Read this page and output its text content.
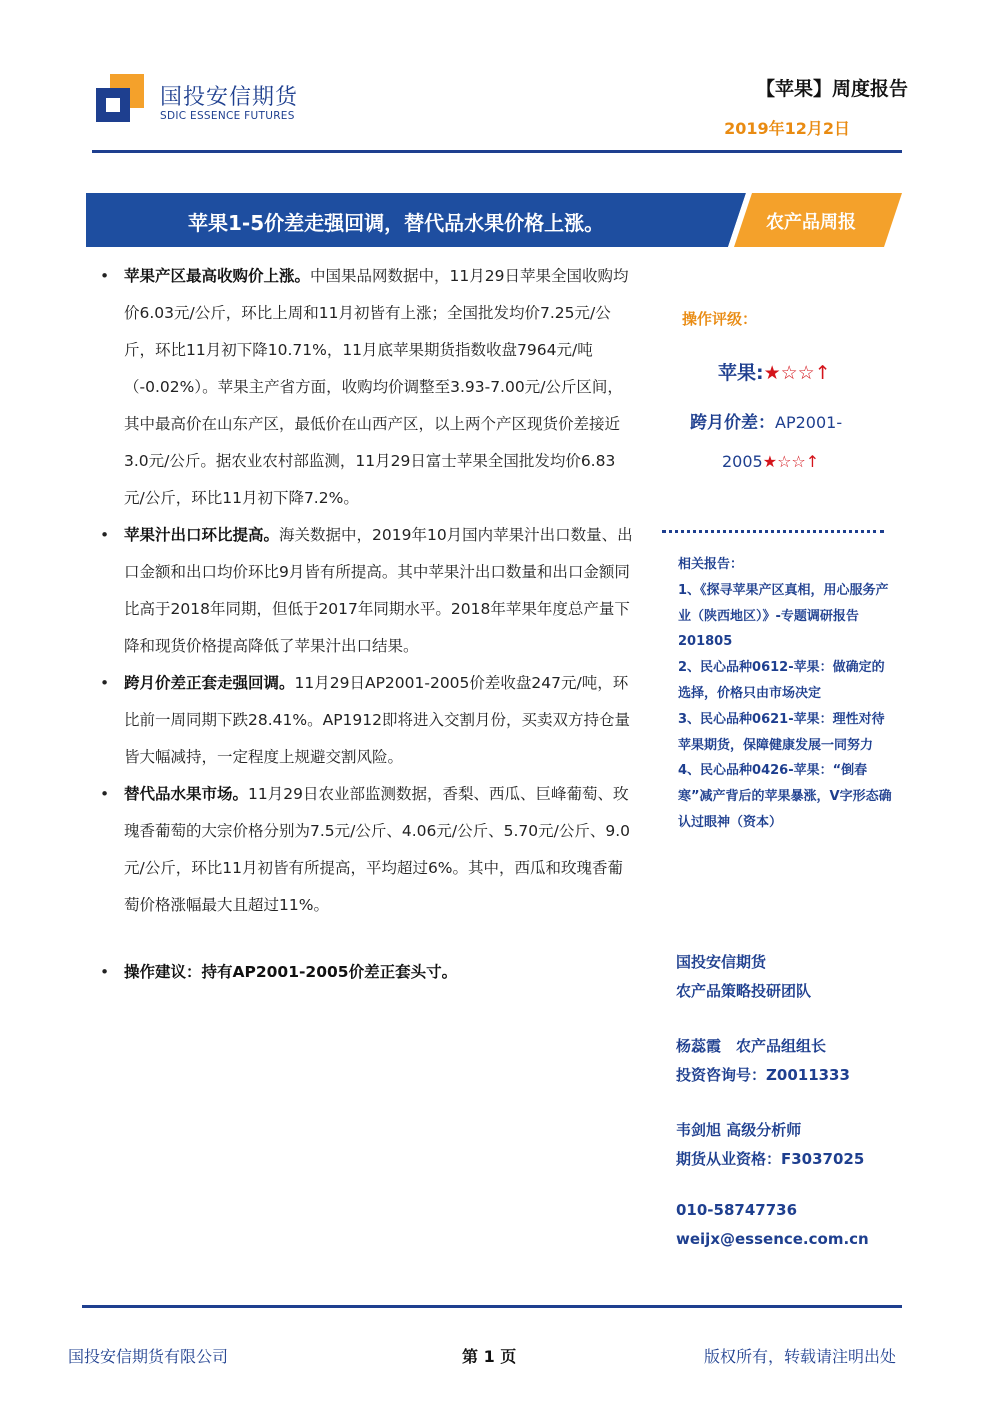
国投安信期货
SDIC ESSENCE FUTURES
【苹果】周度报告
2019年12月2日
苹果1-5价差走强回调，替代品水果价格上涨。	农产品周报
• 苹果产区最高收购价上涨。中国果品网数据中，11月29日苹果全国收购均价6.03元/公斤，环比上周和11月初皆有上涨；全国批发均价7.25元/公斤，环比11月初下降10.71%，11月底苹果期货指数收盘7964元/吨（-0.02%）。苹果主产省方面，收购均价调整至3.93-7.00元/公斤区间，其中最高价在山东产区，最低价在山西产区，以上两个产区现货价差接近3.0元/公斤。据农业农村部监测，11月29日富士苹果全国批发均价6.83元/公斤，环比11月初下降7.2%。
• 苹果汁出口环比提高。海关数据中，2019年10月国内苹果汁出口数量、出口金额和出口均价环比9月皆有所提高。其中苹果汁出口数量和出口金额同比高于2018年同期，但低于2017年同期水平。2018年苹果年度总产量下降和现货价格提高降低了苹果汁出口结果。
• 跨月价差正套走强回调。11月29日AP2001-2005价差收盘247元/吨，环比前一周同期下跌28.41%。AP1912即将进入交割月份，买卖双方持仓量皆大幅减持，一定程度上规避交割风险。
• 替代品水果市场。11月29日农业部监测数据，香梨、西瓜、巨峰葡萄、玫瑰香葡萄的大宗价格分别为7.5元/公斤、4.06元/公斤、5.70元/公斤、9.0元/公斤，环比11月初皆有所提高，平均超过6%。其中，西瓜和玫瑰香葡萄价格涨幅最大且超过11%。
• 操作建议：持有AP2001-2005价差正套头寸。
操作评级：
苹果:★☆☆↑
跨月价差：AP2001-
2005★☆☆↑
相关报告：
1、《探寻苹果产区真相，用心服务产业（陕西地区）》-专题调研报告 201805
2、民心品种0612-苹果：做确定的选择，价格只由市场决定
3、民心品种0621-苹果：理性对待苹果期货，保障健康发展一同努力
4、民心品种0426-苹果：“倒春寒”减产背后的苹果暴涨，V字形态确认过眼神（资本）
国投安信期货
农产品策略投研团队
杨蕊霞　农产品组组长
投资咨询号：Z0011333
韦剑旭 高级分析师
期货从业资格：F3037025
010-58747736
weijx@essence.com.cn
国投安信期货有限公司	第 1 页	版权所有，转载请注明出处
